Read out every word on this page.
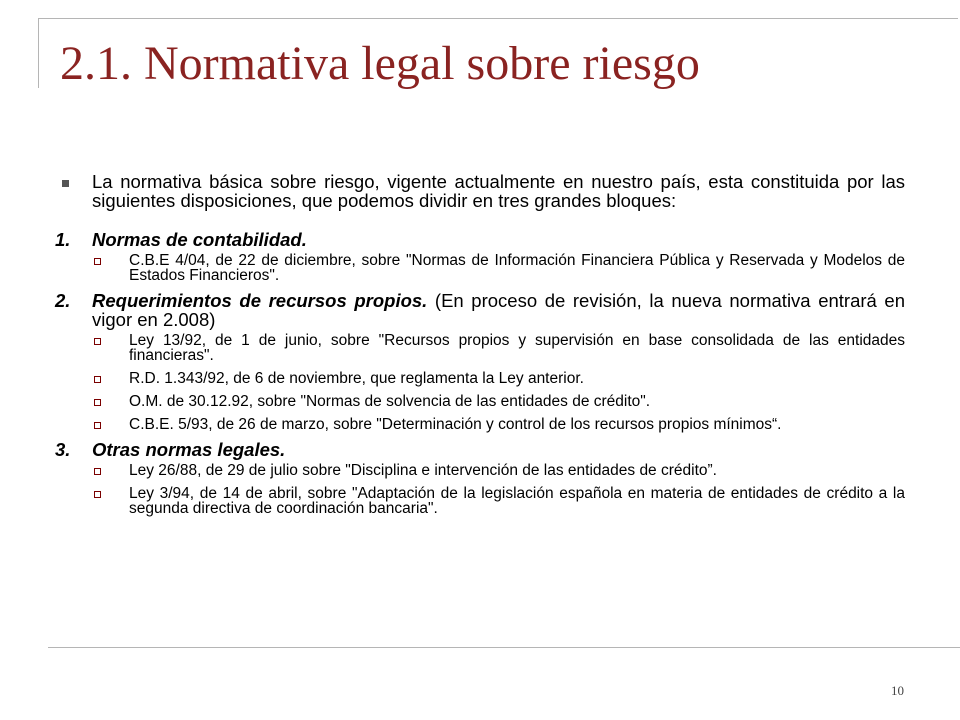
2.1. Normativa legal sobre riesgo

La normativa básica sobre riesgo, vigente actualmente en nuestro país, esta constituida por las siguientes disposiciones, que podemos dividir en tres grandes bloques:

1. Normas de contabilidad.

C.B.E 4/04, de 22 de diciembre, sobre "Normas de Información Financiera Pública y Reservada y Modelos de Estados Financieros".

2. Requerimientos de recursos propios. (En proceso de revisión, la nueva normativa entrará en vigor en 2.008)

Ley 13/92, de 1 de junio, sobre "Recursos propios y supervisión en base consolidada de las entidades financieras".

R.D. 1.343/92, de 6 de noviembre, que reglamenta la Ley anterior.

O.M. de 30.12.92, sobre "Normas de solvencia de las entidades de crédito".

C.B.E. 5/93, de 26 de marzo, sobre "Determinación y control de los recursos propios mínimos“.

3. Otras normas legales.

Ley 26/88, de 29 de julio sobre "Disciplina e intervención de las entidades de crédito”.

Ley 3/94, de 14 de abril, sobre "Adaptación de la legislación española en materia de entidades de crédito a la segunda directiva de coordinación bancaria".

10
